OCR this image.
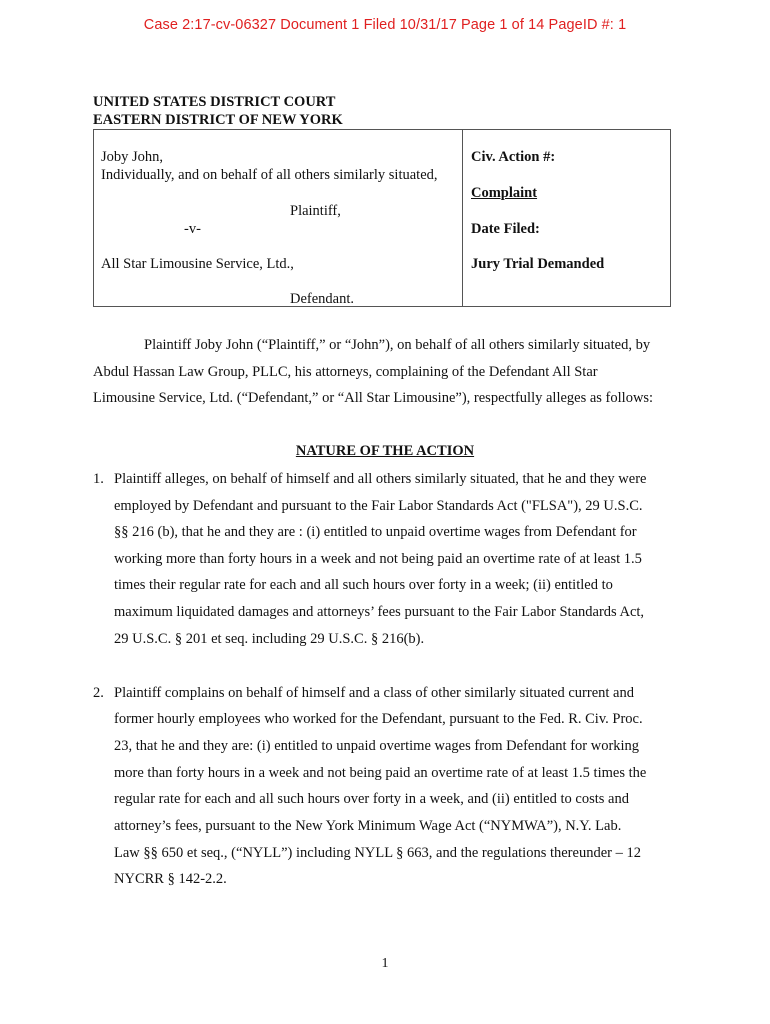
Case 2:17-cv-06327 Document 1 Filed 10/31/17 Page 1 of 14 PageID #: 1
UNITED STATES DISTRICT COURT
EASTERN DISTRICT OF NEW YORK
Joby John,
Individually, and on behalf of all others similarly situated,
Plaintiff,
-v-
All Star Limousine Service, Ltd.,
Defendant.
Civ. Action #:
Complaint
Date Filed:
Jury Trial Demanded
Plaintiff Joby John (“Plaintiff,” or “John”), on behalf of all others similarly situated, by
Abdul Hassan Law Group, PLLC, his attorneys, complaining of the Defendant All Star
Limousine Service, Ltd. (“Defendant,” or “All Star Limousine”), respectfully alleges as follows:
NATURE OF THE ACTION
1. Plaintiff alleges, on behalf of himself and all others similarly situated, that he and they were
employed by Defendant and pursuant to the Fair Labor Standards Act ("FLSA"), 29 U.S.C.
§§ 216 (b), that he and they are : (i) entitled to unpaid overtime wages from Defendant for
working more than forty hours in a week and not being paid an overtime rate of at least 1.5
times their regular rate for each and all such hours over forty in a week; (ii) entitled to
maximum liquidated damages and attorneys’ fees pursuant to the Fair Labor Standards Act,
29 U.S.C. § 201 et seq. including 29 U.S.C. § 216(b).
2. Plaintiff complains on behalf of himself and a class of other similarly situated current and
former hourly employees who worked for the Defendant, pursuant to the Fed. R. Civ. Proc.
23, that he and they are: (i) entitled to unpaid overtime wages from Defendant for working
more than forty hours in a week and not being paid an overtime rate of at least 1.5 times the
regular rate for each and all such hours over forty in a week, and (ii) entitled to costs and
attorney’s fees, pursuant to the New York Minimum Wage Act (“NYMWA”), N.Y. Lab.
Law §§ 650 et seq., (“NYLL”) including NYLL § 663, and the regulations thereunder – 12
NYCRR § 142-2.2.
1
